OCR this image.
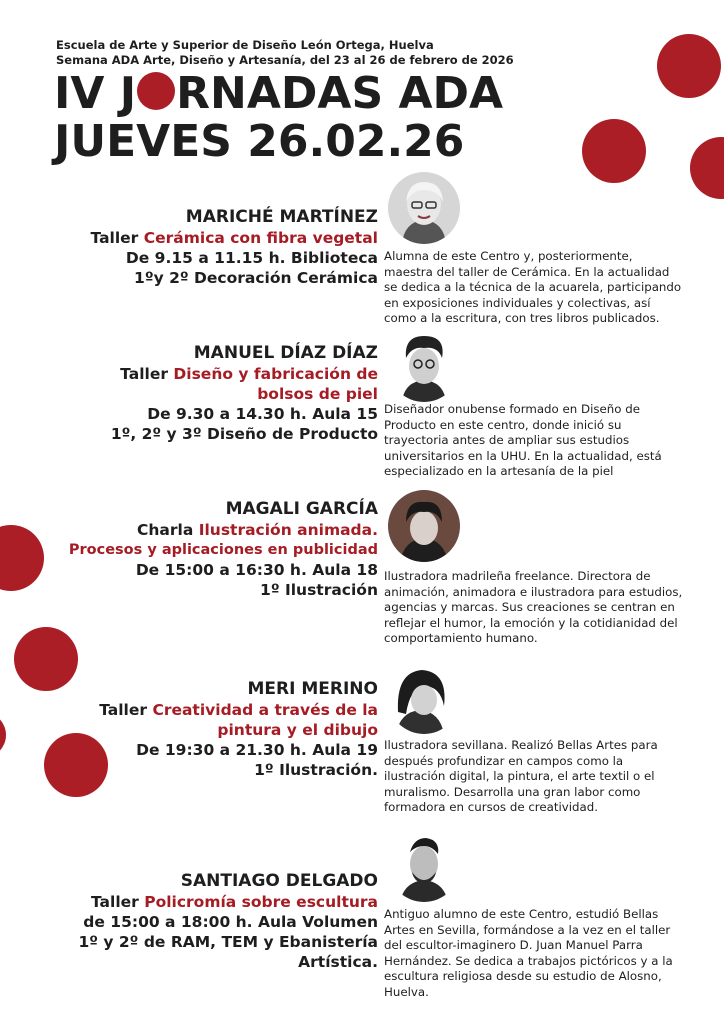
Escuela de Arte y Superior de Diseño León Ortega, Huelva
Semana ADA Arte, Diseño y Artesanía, del 23 al 26 de febrero de 2026
IV J RNADAS ADA
JUEVES 26.02.26
MARICHÉ MARTÍNEZ
Taller Cerámica con fibra vegetal
De 9.15 a 11.15 h. Biblioteca
1ºy 2º Decoración Cerámica
Alumna de este Centro y, posteriormente, maestra del taller de Cerámica. En la actualidad se dedica a la técnica de la acuarela, participando en exposiciones individuales y colectivas, así como a la escritura, con tres libros publicados.
MANUEL DÍAZ DÍAZ
Taller Diseño y fabricación de
bolsos de piel
De 9.30 a 14.30 h. Aula 15
1º, 2º y 3º Diseño de Producto
Diseñador onubense formado en Diseño de Producto en este centro, donde inició su trayectoria antes de ampliar sus estudios universitarios en la UHU. En la actualidad, está especializado en la artesanía de la piel
MAGALI GARCÍA
Charla Ilustración animada.
Procesos y aplicaciones en publicidad
De 15:00 a 16:30 h. Aula 18
1º Ilustración
Ilustradora madrileña freelance. Directora de animación, animadora e ilustradora para estudios, agencias y marcas. Sus creaciones se centran en reflejar el humor, la emoción y la cotidianidad del comportamiento humano.
MERI MERINO
Taller Creatividad a través de la
pintura y el dibujo
De 19:30 a 21.30 h. Aula 19
1º Ilustración.
Ilustradora sevillana. Realizó Bellas Artes para después profundizar en campos como la ilustración digital, la pintura, el arte textil o el muralismo. Desarrolla una gran labor como formadora en cursos de creatividad.
SANTIAGO DELGADO
Taller Policromía sobre escultura
de 15:00 a 18:00 h. Aula Volumen
1º y 2º de RAM, TEM y Ebanistería
Artística.
Antiguo alumno de este Centro, estudió Bellas Artes en Sevilla, formándose a la vez en el taller del escultor-imaginero D. Juan Manuel Parra Hernández. Se dedica a trabajos pictóricos y a la escultura religiosa desde su estudio de Alosno, Huelva.
